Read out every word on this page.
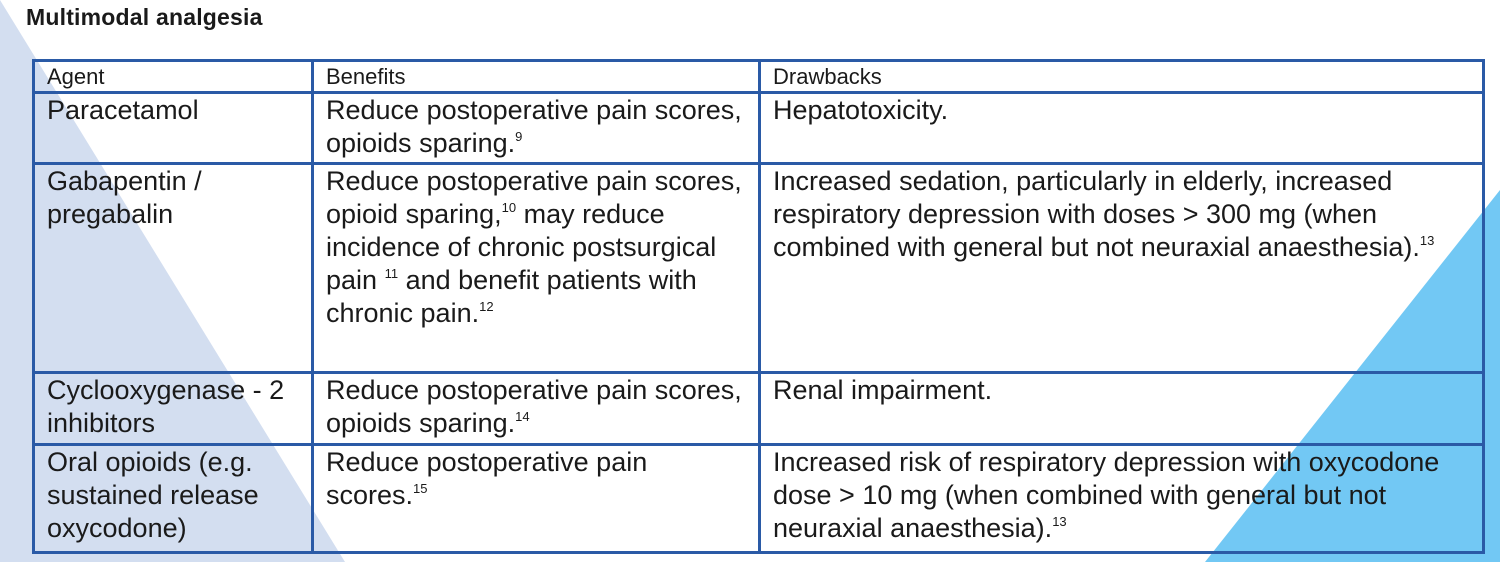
Multimodal analgesia
Agent	Benefits	Drawbacks
Paracetamol	Reduce postoperative pain scores, opioids sparing.$^9$	Hepatotoxicity.
Gabapentin / pregabalin	Reduce postoperative pain scores, opioid sparing,$^{10}$ may reduce incidence of chronic postsurgical pain $^{11}$ and benefit patients with chronic pain.$^{12}$	Increased sedation, particularly in elderly, increased respiratory depression with doses > 300 mg (when combined with general but not neuraxial anaesthesia).$^{13}$
Cyclooxygenase - 2 inhibitors	Reduce postoperative pain scores, opioids sparing.$^{14}$	Renal impairment.
Oral opioids (e.g. sustained release oxycodone)	Reduce postoperative pain scores.$^{15}$	Increased risk of respiratory depression with oxycodone dose > 10 mg (when combined with general but not neuraxial anaesthesia).$^{13}$
